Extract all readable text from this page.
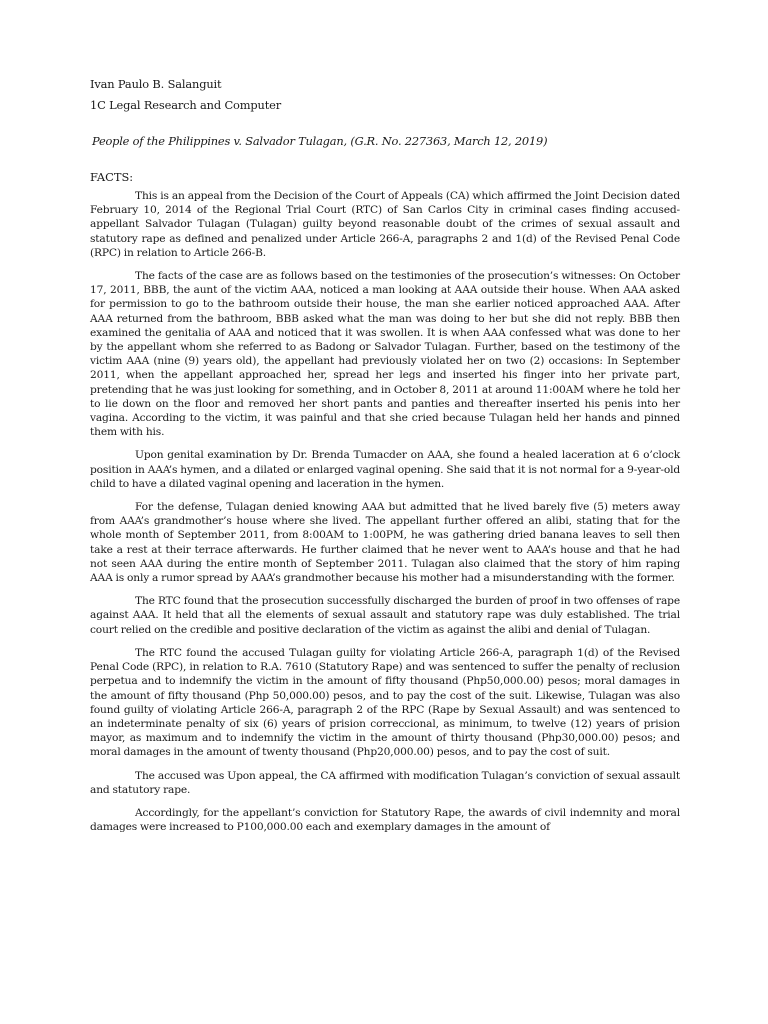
Ivan Paulo B. Salanguit
1C Legal Research and Computer
People of the Philippines v. Salvador Tulagan, (G.R. No. 227363, March 12, 2019)
FACTS:

This is an appeal from the Decision of the Court of Appeals (CA) which affirmed the Joint Decision dated February 10, 2014 of the Regional Trial Court (RTC) of San Carlos City in criminal cases finding accused-appellant Salvador Tulagan (Tulagan) guilty beyond reasonable doubt of the crimes of sexual assault and statutory rape as defined and penalized under Article 266-A, paragraphs 2 and 1(d) of the Revised Penal Code (RPC) in relation to Article 266-B.

The facts of the case are as follows based on the testimonies of the prosecution’s witnesses: On October 17, 2011, BBB, the aunt of the victim AAA, noticed a man looking at AAA outside their house. When AAA asked for permission to go to the bathroom outside their house, the man she earlier noticed approached AAA. After AAA returned from the bathroom, BBB asked what the man was doing to her but she did not reply. BBB then examined the genitalia of AAA and noticed that it was swollen. It is when AAA confessed what was done to her by the appellant whom she referred to as Badong or Salvador Tulagan. Further, based on the testimony of the victim AAA (nine (9) years old), the appellant had previously violated her on two (2) occasions: In September 2011, when the appellant approached her, spread her legs and inserted his finger into her private part, pretending that he was just looking for something, and in October 8, 2011 at around 11:00AM where he told her to lie down on the floor and removed her short pants and panties and thereafter inserted his penis into her vagina. According to the victim, it was painful and that she cried because Tulagan held her hands and pinned them with his.

Upon genital examination by Dr. Brenda Tumacder on AAA, she found a healed laceration at 6 o’clock position in AAA’s hymen, and a dilated or enlarged vaginal opening. She said that it is not normal for a 9-year-old child to have a dilated vaginal opening and laceration in the hymen.

For the defense, Tulagan denied knowing AAA but admitted that he lived barely five (5) meters away from AAA’s grandmother’s house where she lived. The appellant further offered an alibi, stating that for the whole month of September 2011, from 8:00AM to 1:00PM, he was gathering dried banana leaves to sell then take a rest at their terrace afterwards. He further claimed that he never went to AAA’s house and that he had not seen AAA during the entire month of September 2011. Tulagan also claimed that the story of him raping AAA is only a rumor spread by AAA’s grandmother because his mother had a misunderstanding with the former.

The RTC found that the prosecution successfully discharged the burden of proof in two offenses of rape against AAA. It held that all the elements of sexual assault and statutory rape was duly established. The trial court relied on the credible and positive declaration of the victim as against the alibi and denial of Tulagan.

The RTC found the accused Tulagan guilty for violating Article 266-A, paragraph 1(d) of the Revised Penal Code (RPC), in relation to R.A. 7610 (Statutory Rape) and was sentenced to suffer the penalty of reclusion perpetua and to indemnify the victim in the amount of fifty thousand (Php50,000.00) pesos; moral damages in the amount of fifty thousand (Php 50,000.00) pesos, and to pay the cost of the suit. Likewise, Tulagan was also found guilty of violating Article 266-A, paragraph 2 of the RPC (Rape by Sexual Assault) and was sentenced to an indeterminate penalty of six (6) years of prision correccional, as minimum, to twelve (12) years of prision mayor, as maximum and to indemnify the victim in the amount of thirty thousand (Php30,000.00) pesos; and moral damages in the amount of twenty thousand (Php20,000.00) pesos, and to pay the cost of suit.

The accused was Upon appeal, the CA affirmed with modification Tulagan’s conviction of sexual assault and statutory rape.

Accordingly, for the appellant’s conviction for Statutory Rape, the awards of civil indemnity and moral damages were increased to P100,000.00 each and exemplary damages in the amount of
